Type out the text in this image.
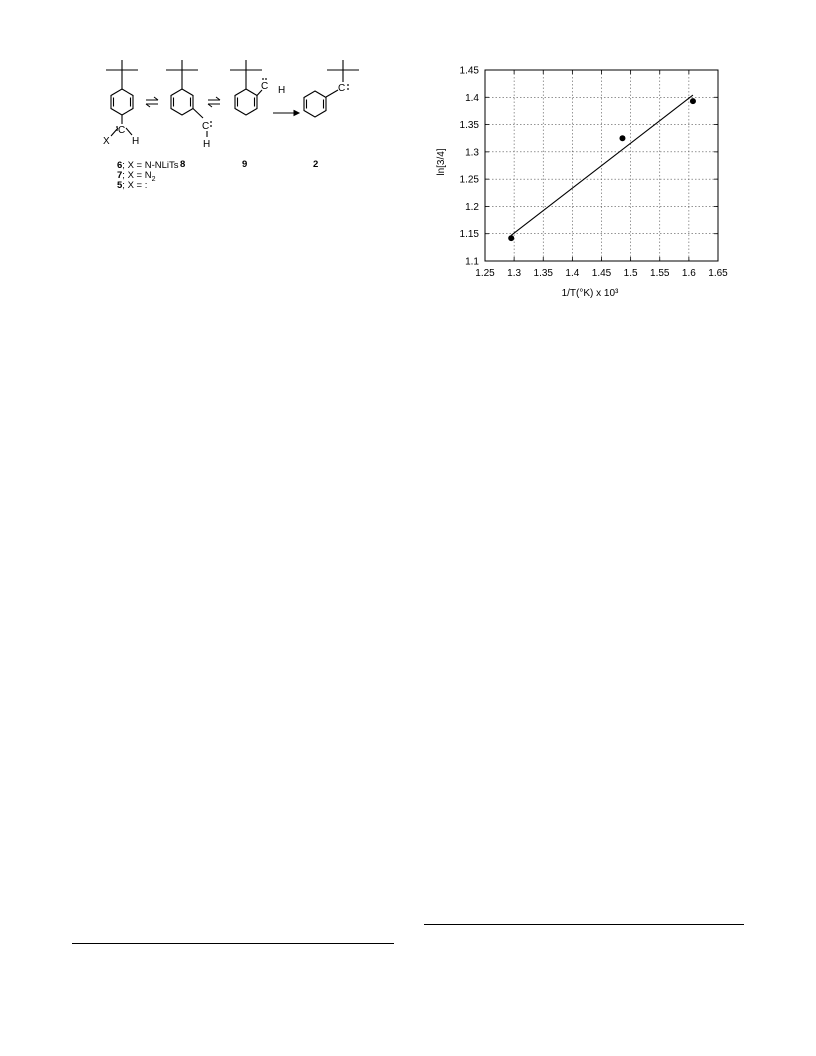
X
C
H
C
H
C H	C
8	9	2
6; X = N-NLiTs
7; $X = N_2$
5; X = :
1.25 1.3 1.35 1.4 1.45 1.5 1.55 1.6 1.65
1.1
1.15
1.2
1.25
1.3
1.35
1.4
1.45
ln[3/4]
1/T(°K) x 10³
